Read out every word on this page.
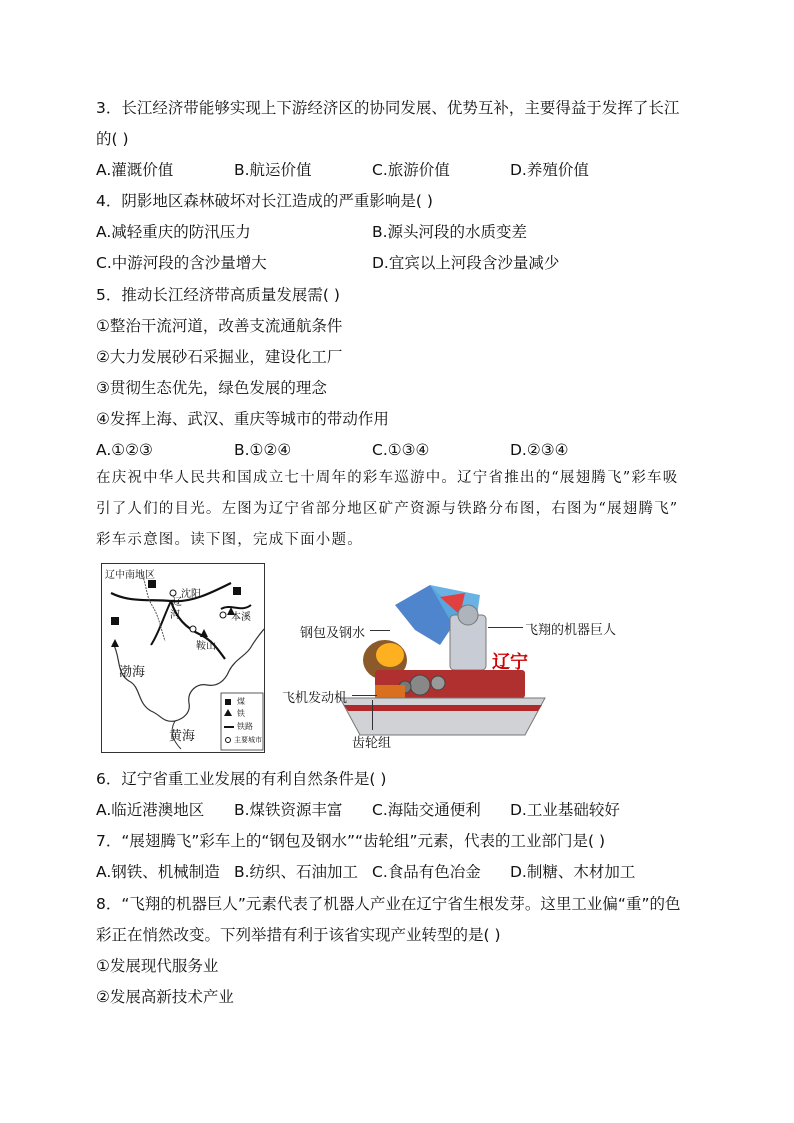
3．长江经济带能够实现上下游经济区的协同发展、优势互补，主要得益于发挥了长江
的( )
A.灌溉价值	B.航运价值	C.旅游价值	D.养殖价值
4．阴影地区森林破坏对长江造成的严重影响是( )
A.减轻重庆的防汛压力	B.源头河段的水质变差
C.中游河段的含沙量增大	D.宜宾以上河段含沙量减少
5．推动长江经济带高质量发展需( )
①整治干流河道，改善支流通航条件
②大力发展砂石采掘业，建设化工厂
③贯彻生态优先，绿色发展的理念
④发挥上海、武汉、重庆等城市的带动作用
A.①②③	B.①②④	C.①③④	D.②③④
在庆祝中华人民共和国成立七十周年的彩车巡游中。辽宁省推出的“展翅腾飞”彩车吸
引了人们的目光。左图为辽宁省部分地区矿产资源与铁路分布图，右图为“展翅腾飞”
彩车示意图。读下图，完成下面小题。
辽中南地区
沈阳
本溪
鞍山
辽
河
渤海
黄海
煤
铁
铁路
主要城市
辽宁
钢包及钢水	飞翔的机器巨人
飞机发动机
齿轮组
6．辽宁省重工业发展的有利自然条件是( )
A.临近港澳地区 B.煤铁资源丰富 C.海陆交通便利 D.工业基础较好
7．“展翅腾飞”彩车上的“钢包及钢水”“齿轮组”元素，代表的工业部门是( )
A.钢铁、机械制造 B.纺织、石油加工 C.食品有色冶金 D.制糖、木材加工
8．“飞翔的机器巨人”元素代表了机器人产业在辽宁省生根发芽。这里工业偏“重”的色
彩正在悄然改变。下列举措有利于该省实现产业转型的是( )
①发展现代服务业
②发展高新技术产业
